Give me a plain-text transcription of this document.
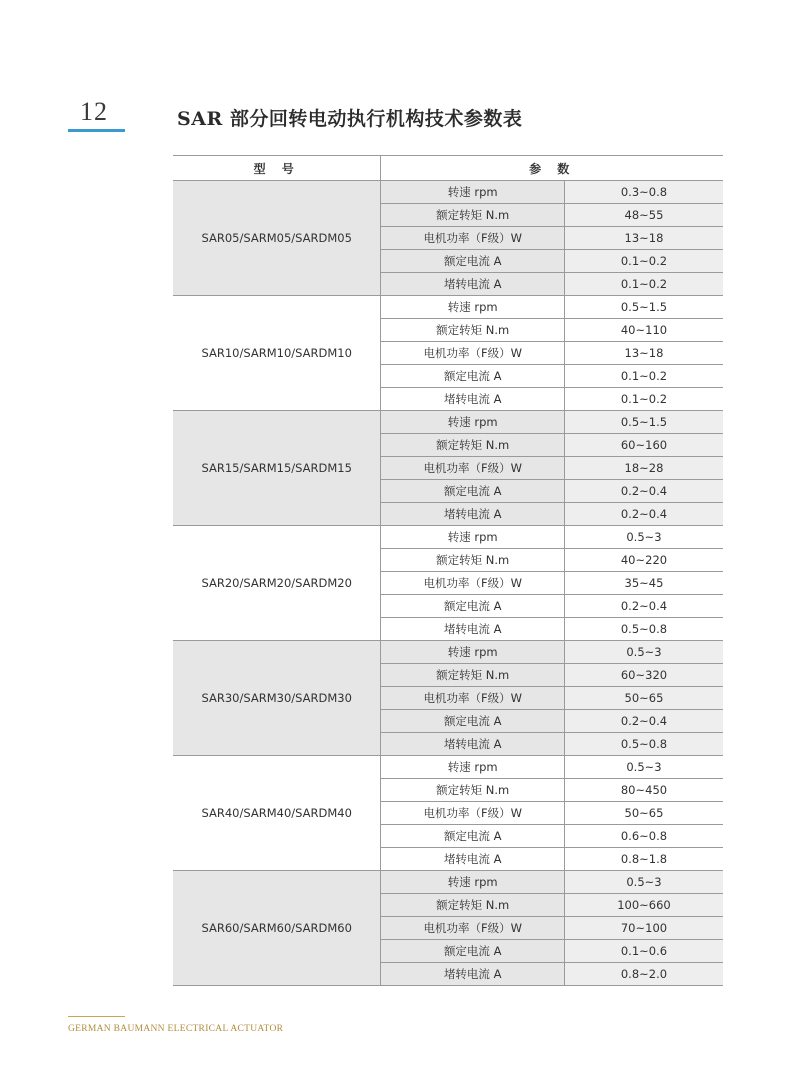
12	SAR 部分回转电动执行机构技术参数表
型 号	参 数	
SAR05/SARM05/SARDM05	转速 rpm	0.3~0.8
	额定转矩 N.m	48~55
	电机功率（F级）W	13~18
	额定电流 A	0.1~0.2
	堵转电流 A	0.1~0.2
SAR10/SARM10/SARDM10	转速 rpm	0.5~1.5
	额定转矩 N.m	40~110
	电机功率（F级）W	13~18
	额定电流 A	0.1~0.2
	堵转电流 A	0.1~0.2
SAR15/SARM15/SARDM15	转速 rpm	0.5~1.5
	额定转矩 N.m	60~160
	电机功率（F级）W	18~28
	额定电流 A	0.2~0.4
	堵转电流 A	0.2~0.4
SAR20/SARM20/SARDM20	转速 rpm	0.5~3
	额定转矩 N.m	40~220
	电机功率（F级）W	35~45
	额定电流 A	0.2~0.4
	堵转电流 A	0.5~0.8
SAR30/SARM30/SARDM30	转速 rpm	0.5~3
	额定转矩 N.m	60~320
	电机功率（F级）W	50~65
	额定电流 A	0.2~0.4
	堵转电流 A	0.5~0.8
SAR40/SARM40/SARDM40	转速 rpm	0.5~3
	额定转矩 N.m	80~450
	电机功率（F级）W	50~65
	额定电流 A	0.6~0.8
	堵转电流 A	0.8~1.8
SAR60/SARM60/SARDM60	转速 rpm	0.5~3
	额定转矩 N.m	100~660
	电机功率（F级）W	70~100
	额定电流 A	0.1~0.6
	堵转电流 A	0.8~2.0
GERMAN BAUMANN ELECTRICAL ACTUATOR
